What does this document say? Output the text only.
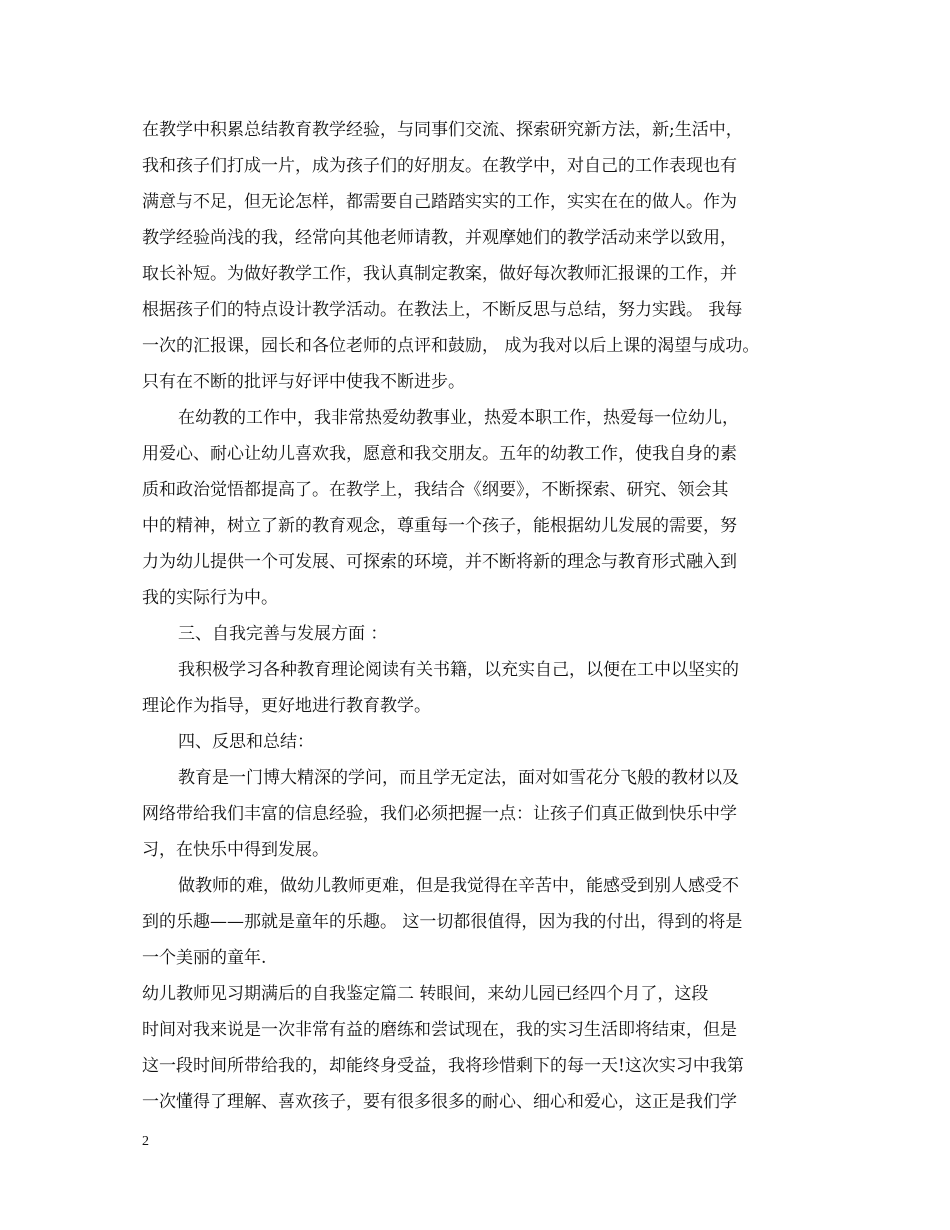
在教学中积累总结教育教学经验，与同事们交流、探索研究新方法，新;生活中，
我和孩子们打成一片，成为孩子们的好朋友。在教学中，对自己的工作表现也有
满意与不足，但无论怎样，都需要自己踏踏实实的工作，实实在在的做人。作为
教学经验尚浅的我，经常向其他老师请教，并观摩她们的教学活动来学以致用，
取长补短。为做好教学工作，我认真制定教案，做好每次教师汇报课的工作，并
根据孩子们的特点设计教学活动。在教法上，不断反思与总结，努力实践。 我每
一次的汇报课，园长和各位老师的点评和鼓励， 成为我对以后上课的渴望与成功。
只有在不断的批评与好评中使我不断进步。
在幼教的工作中，我非常热爱幼教事业，热爱本职工作，热爱每一位幼儿，
用爱心、耐心让幼儿喜欢我，愿意和我交朋友。五年的幼教工作，使我自身的素
质和政治觉悟都提高了。在教学上，我结合《纲要》，不断探索、研究、领会其
中的精神，树立了新的教育观念，尊重每一个孩子，能根据幼儿发展的需要，努
力为幼儿提供一个可发展、可探索的环境，并不断将新的理念与教育形式融入到
我的实际行为中。
三、自我完善与发展方面 ：
我积极学习各种教育理论阅读有关书籍，以充实自己，以便在工中以坚实的
理论作为指导，更好地进行教育教学。
四、反思和总结：
教育是一门博大精深的学问，而且学无定法，面对如雪花分飞般的教材以及
网络带给我们丰富的信息经验，我们必须把握一点：让孩子们真正做到快乐中学
习，在快乐中得到发展。
做教师的难，做幼儿教师更难，但是我觉得在辛苦中，能感受到别人感受不
到的乐趣——那就是童年的乐趣。 这一切都很值得，因为我的付出，得到的将是
一个美丽的童年.
幼儿教师见习期满后的自我鉴定篇二 转眼间，来幼儿园已经四个月了，这段
时间对我来说是一次非常有益的磨练和尝试现在，我的实习生活即将结束，但是
这一段时间所带给我的，却能终身受益，我将珍惜剩下的每一天!这次实习中我第
一次懂得了理解、喜欢孩子，要有很多很多的耐心、细心和爱心，这正是我们学
2
